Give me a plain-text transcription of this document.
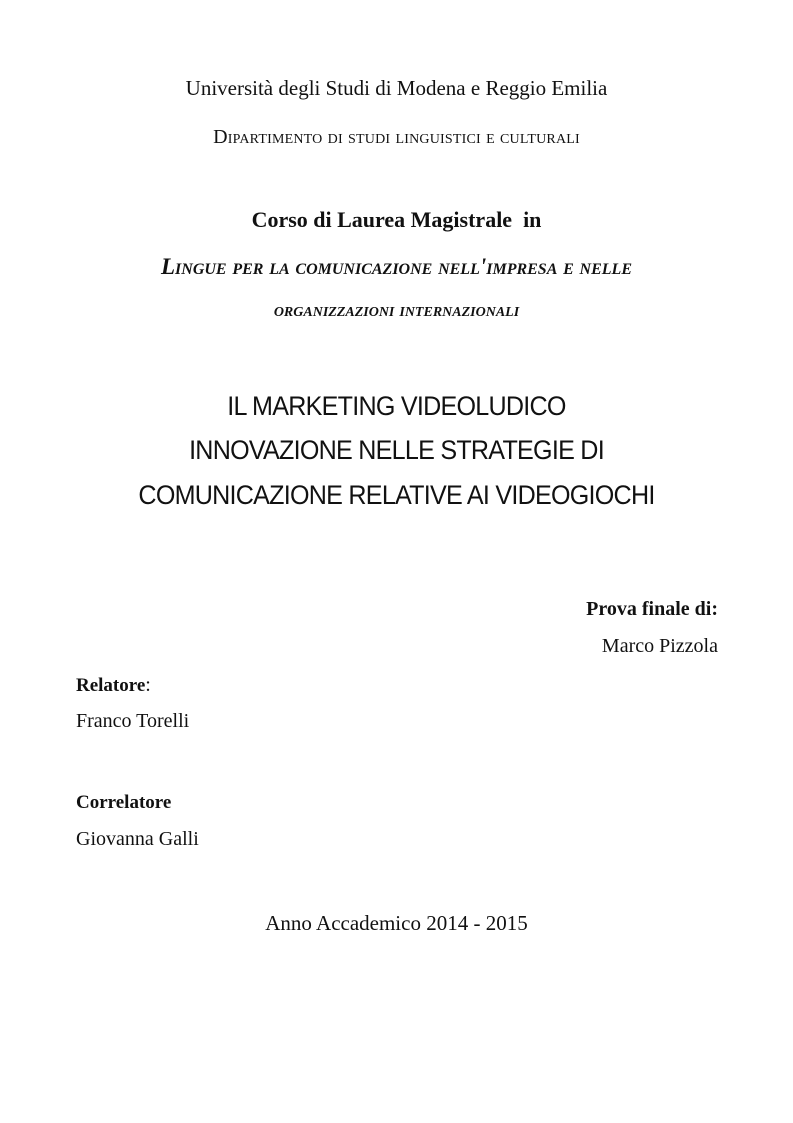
Università degli Studi di Modena e Reggio Emilia
Dipartimento di studi linguistici e culturali
Corso di Laurea Magistrale  in
Lingue per la comunicazione nell'impresa e nelle
organizzazioni internazionali
IL MARKETING VIDEOLUDICO
INNOVAZIONE NELLE STRATEGIE DI
COMUNICAZIONE RELATIVE AI VIDEOGIOCHI
Prova finale di:
Marco Pizzola
Relatore:
Franco Torelli
Correlatore
Giovanna Galli
Anno Accademico 2014 - 2015
